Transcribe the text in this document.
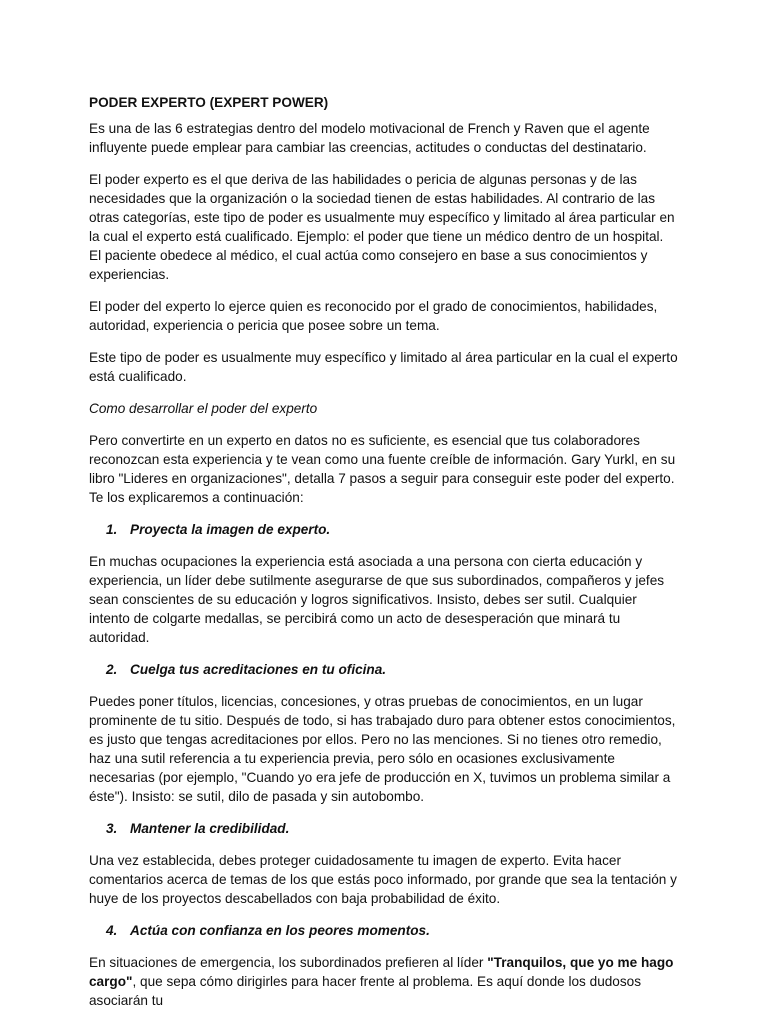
PODER EXPERTO (EXPERT POWER)

Es una de las 6 estrategias dentro del modelo motivacional de French y Raven que el agente influyente puede emplear para cambiar las creencias, actitudes o conductas del destinatario.

El poder experto es el que deriva de las habilidades o pericia de algunas personas y de las necesidades que la organización o la sociedad tienen de estas habilidades. Al contrario de las otras categorías, este tipo de poder es usualmente muy específico y limitado al área particular en la cual el experto está cualificado. Ejemplo: el poder que tiene un médico dentro de un hospital. El paciente obedece al médico, el cual actúa como consejero en base a sus conocimientos y experiencias.

El poder del experto lo ejerce quien es reconocido por el grado de conocimientos, habilidades, autoridad, experiencia o pericia que posee sobre un tema.

Este tipo de poder es usualmente muy específico y limitado al área particular en la cual el experto está cualificado.

Como desarrollar el poder del experto

Pero convertirte en un experto en datos no es suficiente, es esencial que tus colaboradores reconozcan esta experiencia y te vean como una fuente creíble de información. Gary Yurkl, en su libro "Lideres en organizaciones", detalla 7 pasos a seguir para conseguir este poder del experto. Te los explicaremos a continuación:

1. Proyecta la imagen de experto.

En muchas ocupaciones la experiencia está asociada a una persona con cierta educación y experiencia, un líder debe sutilmente asegurarse de que sus subordinados, compañeros y jefes sean conscientes de su educación y logros significativos. Insisto, debes ser sutil. Cualquier intento de colgarte medallas, se percibirá como un acto de desesperación que minará tu autoridad.

2. Cuelga tus acreditaciones en tu oficina.

Puedes poner títulos, licencias, concesiones, y otras pruebas de conocimientos, en un lugar prominente de tu sitio. Después de todo, si has trabajado duro para obtener estos conocimientos, es justo que tengas acreditaciones por ellos. Pero no las menciones. Si no tienes otro remedio, haz una sutil referencia a tu experiencia previa, pero sólo en ocasiones exclusivamente necesarias (por ejemplo, "Cuando yo era jefe de producción en X, tuvimos un problema similar a éste"). Insisto: se sutil, dilo de pasada y sin autobombo.

3. Mantener la credibilidad.

Una vez establecida, debes proteger cuidadosamente tu imagen de experto. Evita hacer comentarios acerca de temas de los que estás poco informado, por grande que sea la tentación y huye de los proyectos descabellados con baja probabilidad de éxito.

4. Actúa con confianza en los peores momentos.

En situaciones de emergencia, los subordinados prefieren al líder "Tranquilos, que yo me hago cargo", que sepa cómo dirigirles para hacer frente al problema. Es aquí donde los dudosos asociarán tu
